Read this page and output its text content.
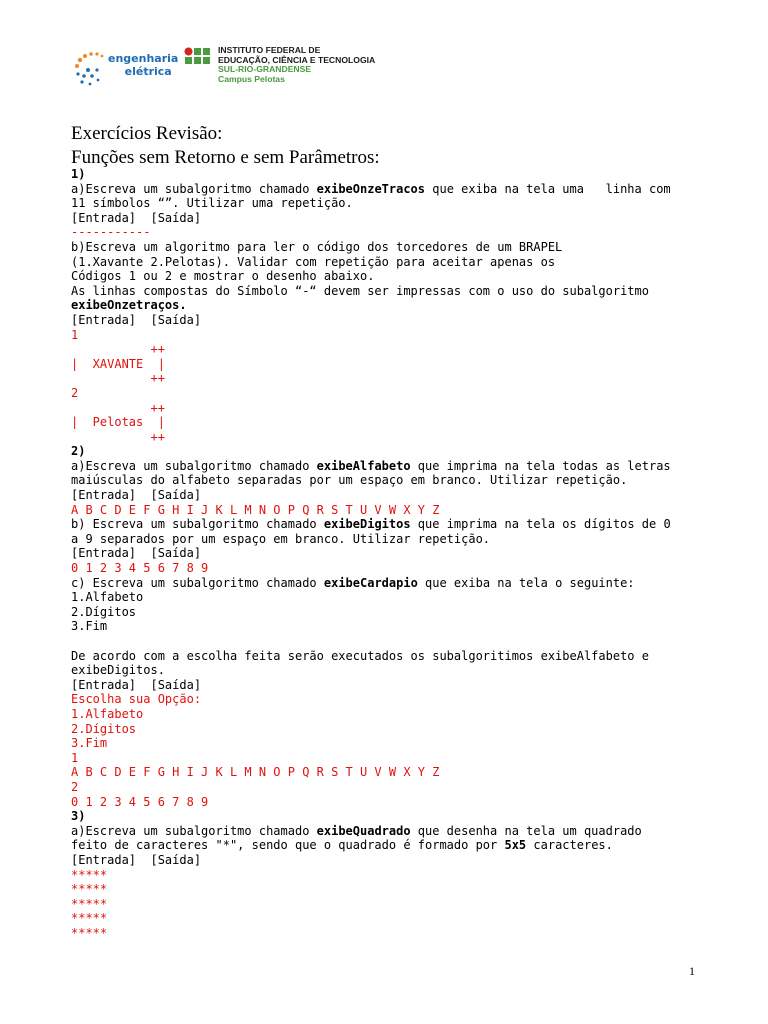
engenharia
elétrica
INSTITUTO FEDERAL DE
EDUCAÇÃO, CIÊNCIA E TECNOLOGIA
SUL-RIO-GRANDENSE
Campus Pelotas
Exercícios Revisão:
Funções sem Retorno e sem Parâmetros:
1)
a)Escreva um subalgoritmo chamado exibeOnzeTracos que exiba na tela uma   linha com
11 símbolos “”. Utilizar uma repetição.
[Entrada]  [Saída]
-----------
b)Escreva um algoritmo para ler o código dos torcedores de um BRAPEL
(1.Xavante 2.Pelotas). Validar com repetição para aceitar apenas os
Códigos 1 ou 2 e mostrar o desenho abaixo.
As linhas compostas do Símbolo “-“ devem ser impressas com o uso do subalgoritmo
exibeOnzetraços.
[Entrada]  [Saída]
1
++
|  XAVANTE  |
++
2
++
|  Pelotas  |
++
2)
a)Escreva um subalgoritmo chamado exibeAlfabeto que imprima na tela todas as letras
maiúsculas do alfabeto separadas por um espaço em branco. Utilizar repetição.
[Entrada]  [Saída]
A B C D E F G H I J K L M N O P Q R S T U V W X Y Z
b) Escreva um subalgoritmo chamado exibeDigitos que imprima na tela os dígitos de 0
a 9 separados por um espaço em branco. Utilizar repetição.
[Entrada]  [Saída]
0 1 2 3 4 5 6 7 8 9
c) Escreva um subalgoritmo chamado exibeCardapio que exiba na tela o seguinte:
1.Alfabeto
2.Dígitos
3.Fim

De acordo com a escolha feita serão executados os subalgoritimos exibeAlfabeto e
exibeDigitos.
[Entrada]  [Saída]
Escolha sua Opção:
1.Alfabeto
2.Dígitos
3.Fim
1
A B C D E F G H I J K L M N O P Q R S T U V W X Y Z
2
0 1 2 3 4 5 6 7 8 9
3)
a)Escreva um subalgoritmo chamado exibeQuadrado que desenha na tela um quadrado
feito de caracteres "*", sendo que o quadrado é formado por 5x5 caracteres.
[Entrada]  [Saída]
*****
*****
*****
*****
*****
1
